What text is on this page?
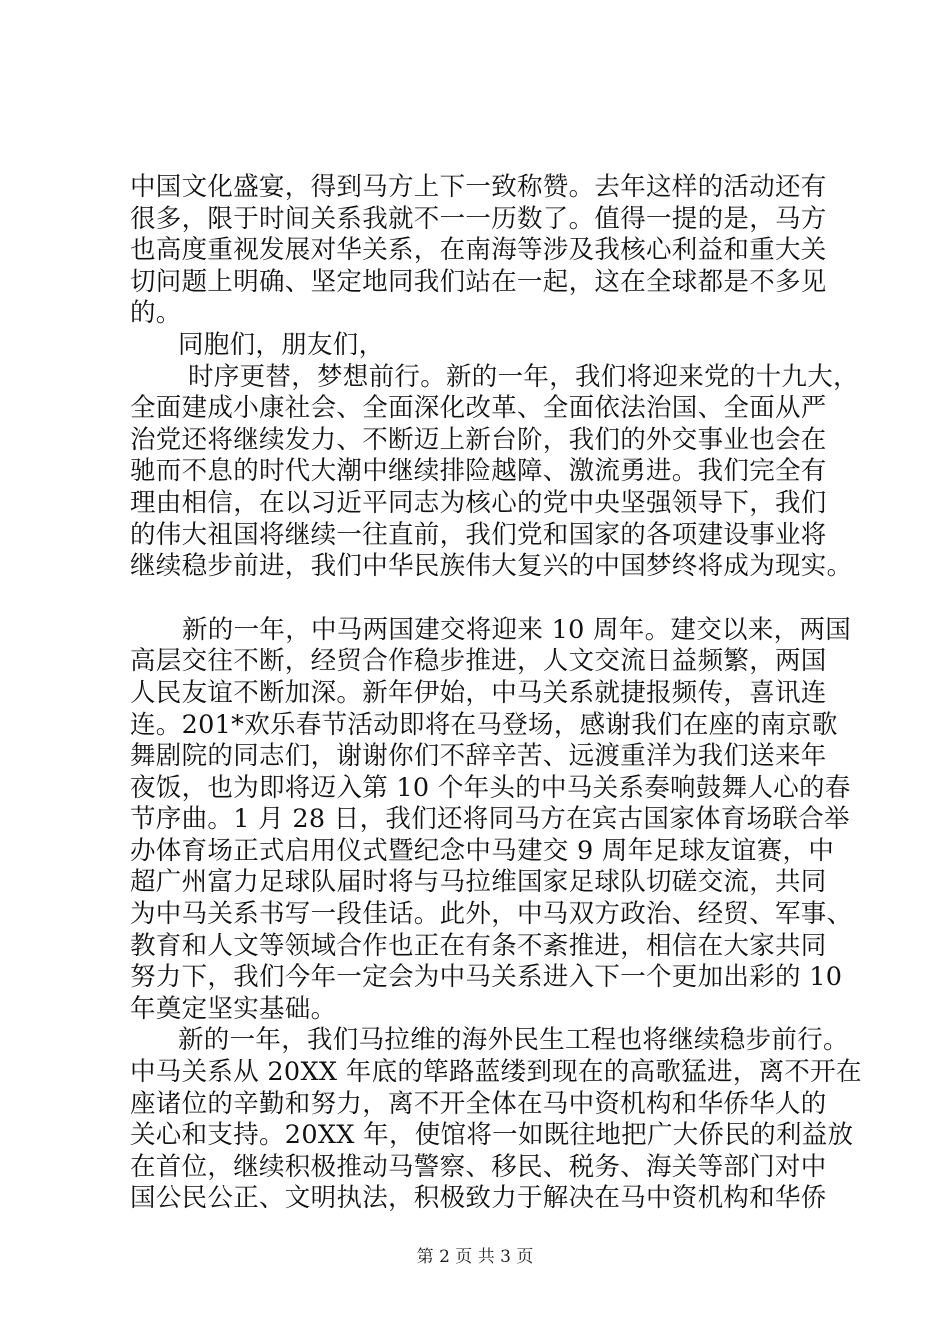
中国文化盛宴，得到马方上下一致称赞。去年这样的活动还有
很多，限于时间关系我就不一一历数了。值得一提的是，马方
也高度重视发展对华关系，在南海等涉及我核心利益和重大关
切问题上明确、坚定地同我们站在一起，这在全球都是不多见
的。
同胞们，朋友们，
时序更替，梦想前行。新的一年，我们将迎来党的十九大，
全面建成小康社会、全面深化改革、全面依法治国、全面从严
治党还将继续发力、不断迈上新台阶，我们的外交事业也会在
驰而不息的时代大潮中继续排险越障、激流勇进。我们完全有
理由相信，在以习近平同志为核心的党中央坚强领导下，我们
的伟大祖国将继续一往直前，我们党和国家的各项建设事业将
继续稳步前进，我们中华民族伟大复兴的中国梦终将成为现实。
新的一年，中马两国建交将迎来 10 周年。建交以来，两国
高层交往不断，经贸合作稳步推进，人文交流日益频繁，两国
人民友谊不断加深。新年伊始，中马关系就捷报频传，喜讯连
连。201*欢乐春节活动即将在马登场，感谢我们在座的南京歌
舞剧院的同志们，谢谢你们不辞辛苦、远渡重洋为我们送来年
夜饭，也为即将迈入第 10 个年头的中马关系奏响鼓舞人心的春
节序曲。1 月 28 日，我们还将同马方在宾古国家体育场联合举
办体育场正式启用仪式暨纪念中马建交 9 周年足球友谊赛，中
超广州富力足球队届时将与马拉维国家足球队切磋交流，共同
为中马关系书写一段佳话。此外，中马双方政治、经贸、军事、
教育和人文等领域合作也正在有条不紊推进，相信在大家共同
努力下，我们今年一定会为中马关系进入下一个更加出彩的 10
年奠定坚实基础。
新的一年，我们马拉维的海外民生工程也将继续稳步前行。
中马关系从 20XX 年底的筚路蓝缕到现在的高歌猛进，离不开在
座诸位的辛勤和努力，离不开全体在马中资机构和华侨华人的
关心和支持。20XX 年，使馆将一如既往地把广大侨民的利益放
在首位，继续积极推动马警察、移民、税务、海关等部门对中
国公民公正、文明执法，积极致力于解决在马中资机构和华侨
第 2 页 共 3 页
